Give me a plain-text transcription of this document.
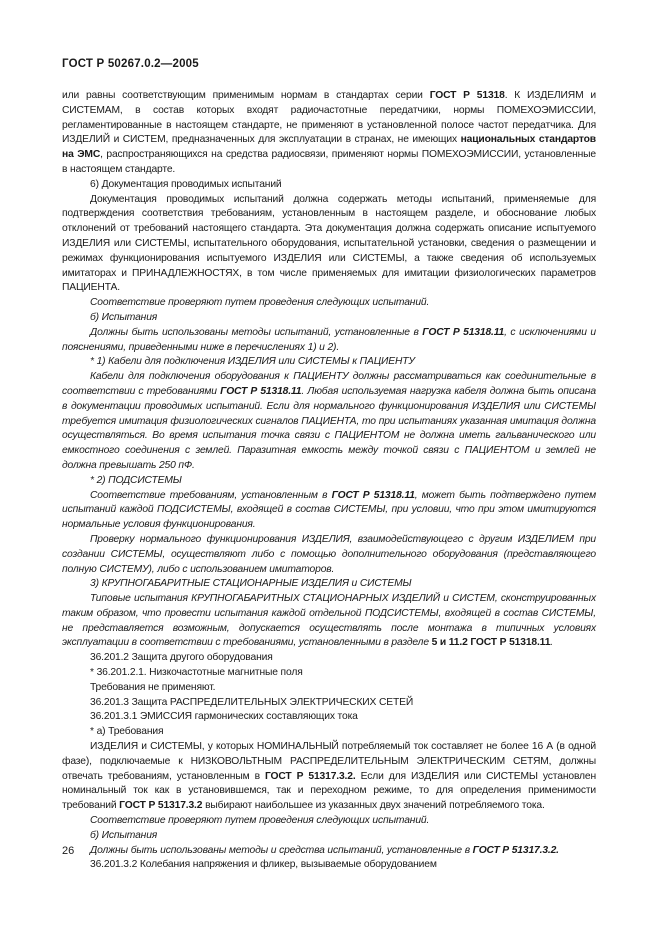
ГОСТ Р 50267.0.2—2005

или равны соответствующим применимым нормам в стандартах серии ГОСТ Р 51318. К ИЗДЕЛИЯМ и СИСТЕМАМ, в состав которых входят радиочастотные передатчики, нормы ПОМЕХОЭМИССИИ, регламентированные в настоящем стандарте, не применяют в установленной полосе частот передатчика. Для ИЗДЕЛИЙ и СИСТЕМ, предназначенных для эксплуатации в странах, не имеющих национальных стандартов на ЭМС, распространяющихся на средства радиосвязи, применяют нормы ПОМЕХОЭМИССИИ, установленные в настоящем стандарте.

6) Документация проводимых испытаний

Документация проводимых испытаний должна содержать методы испытаний, применяемые для подтверждения соответствия требованиям, установленным в настоящем разделе, и обоснование любых отклонений от требований настоящего стандарта. Эта документация должна содержать описание испытуемого ИЗДЕЛИЯ или СИСТЕМЫ, испытательного оборудования, испытательной установки, сведения о размещении и режимах функционирования испытуемого ИЗДЕЛИЯ или СИСТЕМЫ, а также сведения об используемых имитаторах и ПРИНАДЛЕЖНОСТЯХ, в том числе применяемых для имитации физиологических параметров ПАЦИЕНТА.

Соответствие проверяют путем проведения следующих испытаний.

б) Испытания

Должны быть использованы методы испытаний, установленные в ГОСТ Р 51318.11, с исключениями и пояснениями, приведенными ниже в перечислениях 1) и 2).

* 1) Кабели для подключения ИЗДЕЛИЯ или СИСТЕМЫ к ПАЦИЕНТУ

Кабели для подключения оборудования к ПАЦИЕНТУ должны рассматриваться как соединительные в соответствии с требованиями ГОСТ Р 51318.11. Любая используемая нагрузка кабеля должна быть описана в документации проводимых испытаний. Если для нормального функционирования ИЗДЕЛИЯ или СИСТЕМЫ требуется имитация физиологических сигналов ПАЦИЕНТА, то при испытаниях указанная имитация должна осуществляться. Во время испытания точка связи с ПАЦИЕНТОМ не должна иметь гальванического или емкостного соединения с землей. Паразитная емкость между точкой связи с ПАЦИЕНТОМ и землей не должна превышать 250 пФ.

* 2) ПОДСИСТЕМЫ

Соответствие требованиям, установленным в ГОСТ Р 51318.11, может быть подтверждено путем испытаний каждой ПОДСИСТЕМЫ, входящей в состав СИСТЕМЫ, при условии, что при этом имитируются нормальные условия функционирования.

Проверку нормального функционирования ИЗДЕЛИЯ, взаимодействующего с другим ИЗДЕЛИЕМ при создании СИСТЕМЫ, осуществляют либо с помощью дополнительного оборудования (представляющего полную СИСТЕМУ), либо с использованием имитаторов.

3) КРУПНОГАБАРИТНЫЕ СТАЦИОНАРНЫЕ ИЗДЕЛИЯ и СИСТЕМЫ

Типовые испытания КРУПНОГАБАРИТНЫХ СТАЦИОНАРНЫХ ИЗДЕЛИЙ и СИСТЕМ, сконструированных таким образом, что провести испытания каждой отдельной ПОДСИСТЕМЫ, входящей в состав СИСТЕМЫ, не представляется возможным, допускается осуществлять после монтажа в типичных условиях эксплуатации в соответствии с требованиями, установленными в разделе 5 и 11.2 ГОСТ Р 51318.11.

36.201.2 Защита другого оборудования

* 36.201.2.1. Низкочастотные магнитные поля

Требования не применяют.

36.201.3 Защита РАСПРЕДЕЛИТЕЛЬНЫХ ЭЛЕКТРИЧЕСКИХ СЕТЕЙ

36.201.3.1 ЭМИССИЯ гармонических составляющих тока

* а) Требования

ИЗДЕЛИЯ и СИСТЕМЫ, у которых НОМИНАЛЬНЫЙ потребляемый ток составляет не более 16 А (в одной фазе), подключаемые к НИЗКОВОЛЬТНЫМ РАСПРЕДЕЛИТЕЛЬНЫМ ЭЛЕКТРИЧЕСКИМ СЕТЯМ, должны отвечать требованиям, установленным в ГОСТ Р 51317.3.2. Если для ИЗДЕЛИЯ или СИСТЕМЫ установлен номинальный ток как в установившемся, так и переходном режиме, то для определения применимости требований ГОСТ Р 51317.3.2 выбирают наибольшее из указанных двух значений потребляемого тока.

Соответствие проверяют путем проведения следующих испытаний.

б) Испытания

Должны быть использованы методы и средства испытаний, установленные в ГОСТ Р 51317.3.2.

36.201.3.2 Колебания напряжения и фликер, вызываемые оборудованием

26
